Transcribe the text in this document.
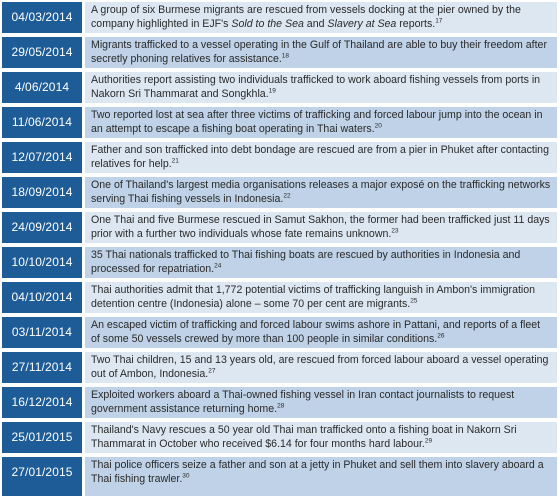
04/03/2014	A group of six Burmese migrants are rescued from vessels docking at the pier owned by the company highlighted in EJF's Sold to the Sea and Slavery at Sea reports.$^{17}$
29/05/2014	Migrants trafficked to a vessel operating in the Gulf of Thailand are able to buy their freedom after secretly phoning relatives for assistance.$^{18}$
4/06/2014	Authorities report assisting two individuals trafficked to work aboard fishing vessels from ports in Nakorn Sri Thammarat and Songkhla.$^{19}$
11/06/2014	Two reported lost at sea after three victims of trafficking and forced labour jump into the ocean in an attempt to escape a fishing boat operating in Thai waters.$^{20}$
12/07/2014	Father and son trafficked into debt bondage are rescued are from a pier in Phuket after contacting relatives for help.$^{21}$
18/09/2014	One of Thailand's largest media organisations releases a major exposé on the trafficking networks serving Thai fishing vessels in Indonesia.$^{22}$
24/09/2014	One Thai and five Burmese rescued in Samut Sakhon, the former had been trafficked just 11 days prior with a further two individuals whose fate remains unknown.$^{23}$
10/10/2014	35 Thai nationals trafficked to Thai fishing boats are rescued by authorities in Indonesia and processed for repatriation.$^{24}$
04/10/2014	Thai authorities admit that 1,772 potential victims of trafficking languish in Ambon's immigration detention centre (Indonesia) alone – some 70 per cent are migrants.$^{25}$
03/11/2014	An escaped victim of trafficking and forced labour swims ashore in Pattani, and reports of a fleet of some 50 vessels crewed by more than 100 people in similar conditions.$^{26}$
27/11/2014	Two Thai children, 15 and 13 years old, are rescued from forced labour aboard a vessel operating out of Ambon, Indonesia.$^{27}$
16/12/2014	Exploited workers aboard a Thai-owned fishing vessel in Iran contact journalists to request government assistance returning home.$^{28}$
25/01/2015	Thailand's Navy rescues a 50 year old Thai man trafficked onto a fishing boat in Nakorn Sri Thammarat in October who received $6.14 for four months hard labour.$^{29}$
27/01/2015	Thai police officers seize a father and son at a jetty in Phuket and sell them into slavery aboard a Thai fishing trawler.$^{30}$
